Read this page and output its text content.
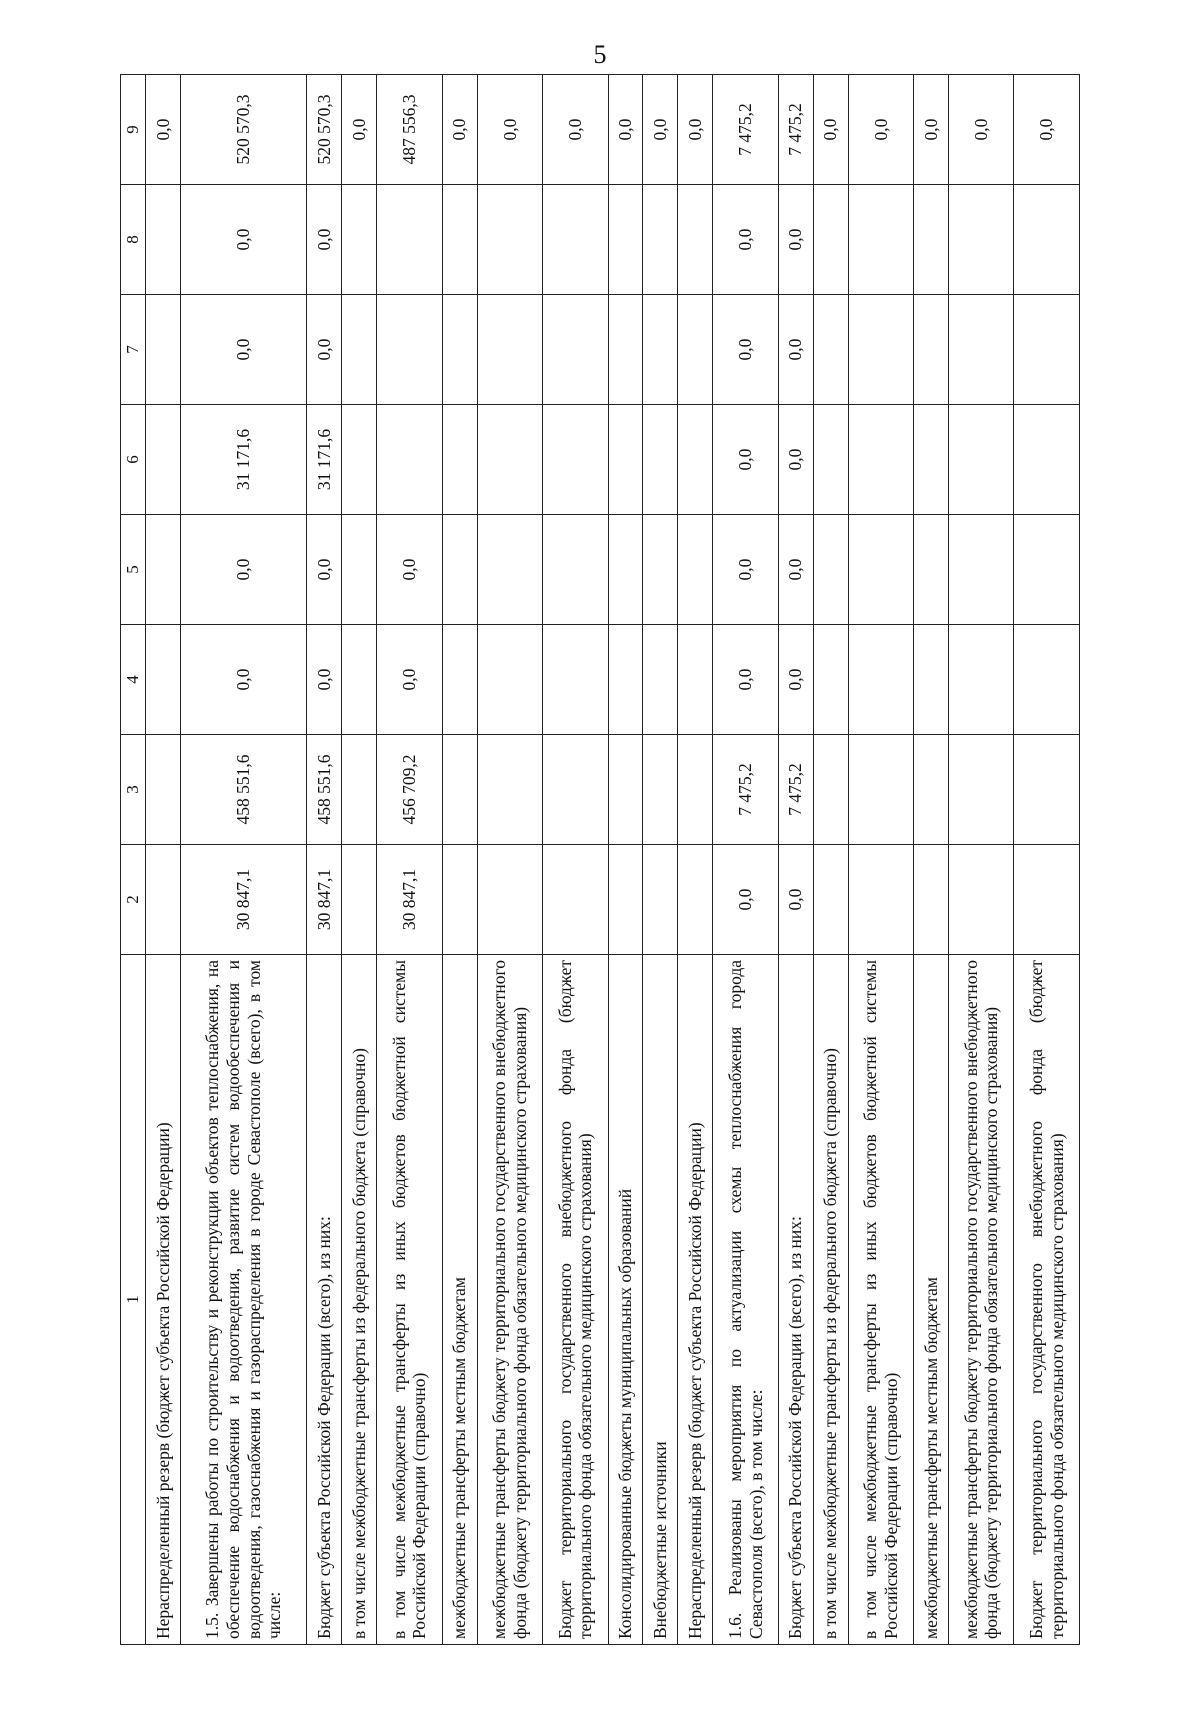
5
1	2	3	4	5	6	7	8	9
Нераспределенный резерв (бюджет субъекта Российской Федерации)								0,0
1.5. Завершены работы по строительству и реконструкции объектов теплоснабжения, на обеспечение водоснабжения и водоотведения, развитие систем водообеспечения и водоотведения, газоснабжения и газораспределения в городе Севастополе (всего), в том числе:	30 847,1	458 551,6	0,0	0,0	31 171,6	0,0	0,0	520 570,3
Бюджет субъекта Российской Федерации (всего), из них:	30 847,1	458 551,6	0,0	0,0	31 171,6	0,0	0,0	520 570,3
в том числе межбюджетные трансферты из федерального бюджета (справочно)								0,0
в том числе межбюджетные трансферты из иных бюджетов бюджетной системы Российской Федерации (справочно)	30 847,1	456 709,2	0,0	0,0				487 556,3
межбюджетные трансферты местным бюджетам								0,0
межбюджетные трансферты бюджету территориального государственного внебюджетного фонда (бюджету территориального фонда обязательного медицинского страхования)								0,0
Бюджет территориального государственного внебюджетного фонда (бюджет территориального фонда обязательного медицинского страхования)								0,0
Консолидированные бюджеты муниципальных образований								0,0
Внебюджетные источники								0,0
Нераспределенный резерв (бюджет субъекта Российской Федерации)								0,0
1.6. Реализованы мероприятия по актуализации схемы теплоснабжения города Севастополя (всего), в том числе:	0,0	7 475,2	0,0	0,0	0,0	0,0	0,0	7 475,2
Бюджет субъекта Российской Федерации (всего), из них:	0,0	7 475,2	0,0	0,0	0,0	0,0	0,0	7 475,2
в том числе межбюджетные трансферты из федерального бюджета (справочно)								0,0
в том числе межбюджетные трансферты из иных бюджетов бюджетной системы Российской Федерации (справочно)								0,0
межбюджетные трансферты местным бюджетам								0,0
межбюджетные трансферты бюджету территориального государственного внебюджетного фонда (бюджету территориального фонда обязательного медицинского страхования)								0,0
Бюджет территориального государственного внебюджетного фонда (бюджет территориального фонда обязательного медицинского страхования)								0,0
